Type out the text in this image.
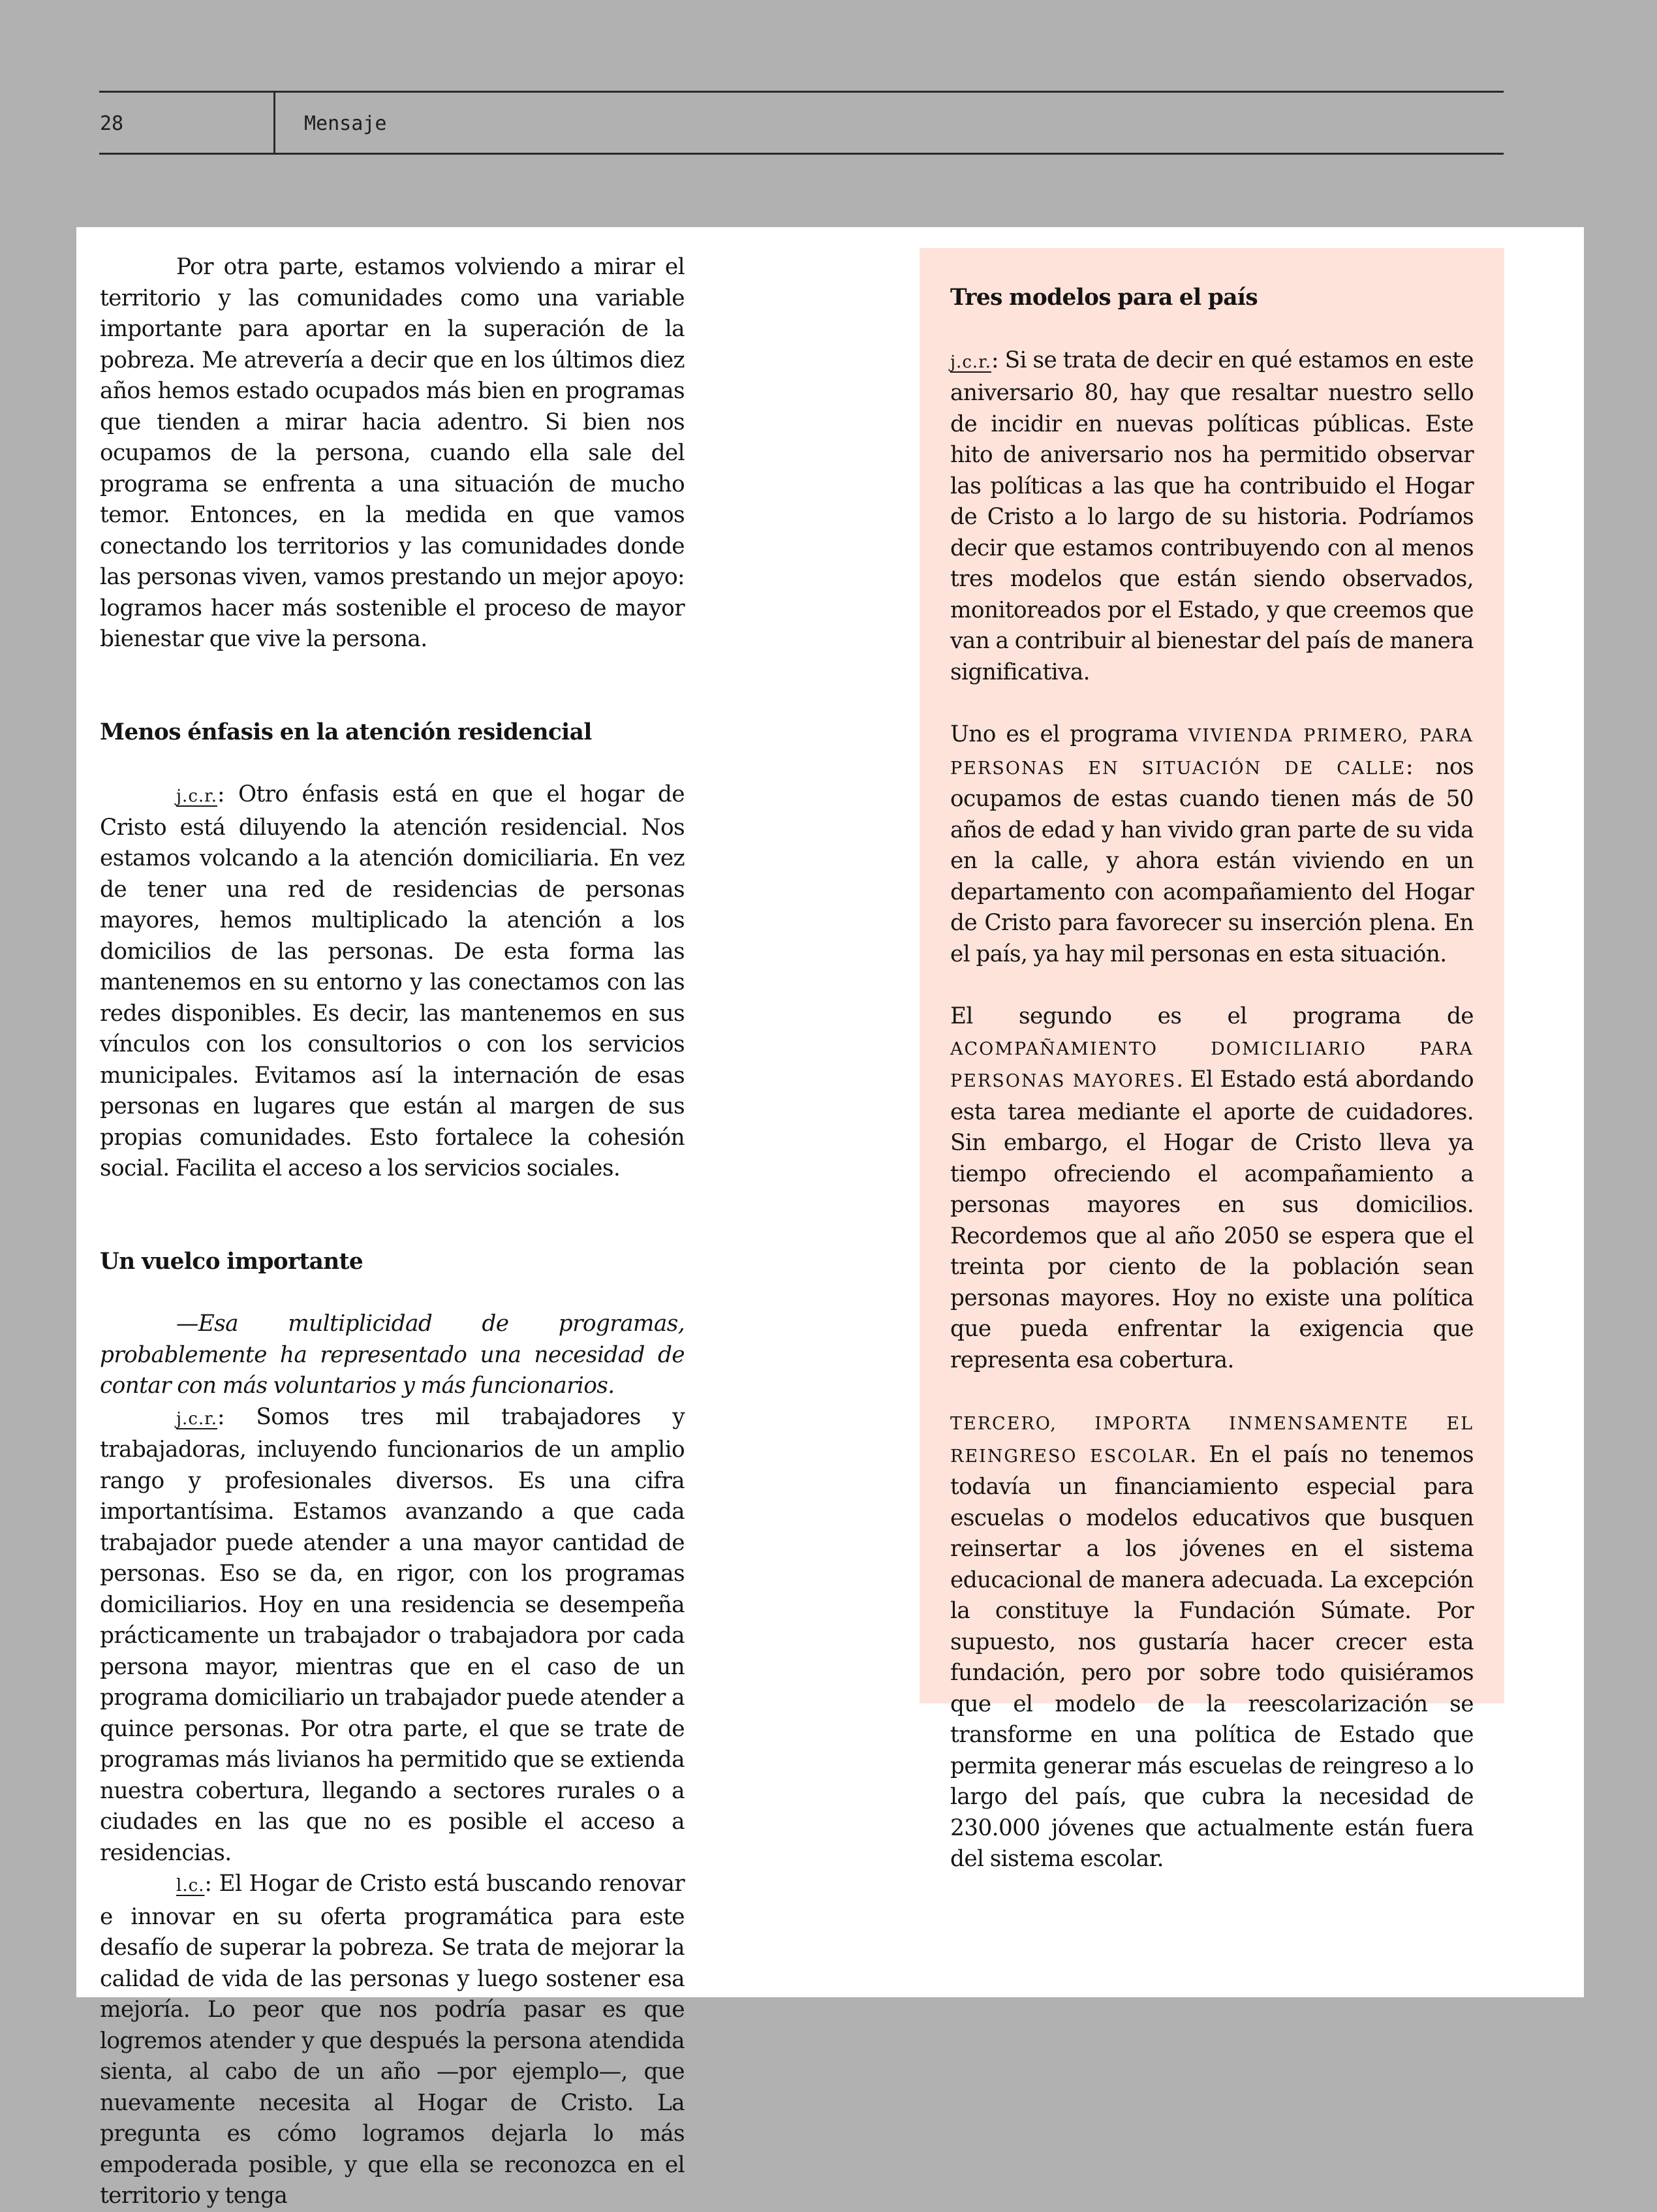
28	Mensaje

Por otra parte, estamos volviendo a mirar el territorio y las comunidades como una variable importante para aportar en la superación de la pobreza. Me atrevería a decir que en los últimos diez años hemos estado ocupados más bien en programas que tienden a mirar hacia adentro. Si bien nos ocupamos de la persona, cuando ella sale del programa se enfrenta a una situación de mucho temor. Entonces, en la medida en que vamos conectando los territorios y las comunidades donde las personas viven, vamos prestando un mejor apoyo: logramos hacer más sostenible el proceso de mayor bienestar que vive la persona.

Menos énfasis en la atención residencial

j.c.r.: Otro énfasis está en que el hogar de Cristo está diluyendo la atención residencial. Nos estamos volcando a la atención domiciliaria. En vez de tener una red de residencias de personas mayores, hemos multiplicado la atención a los domicilios de las personas. De esta forma las mantenemos en su entorno y las conectamos con las redes disponibles. Es decir, las mantenemos en sus vínculos con los consultorios o con los servicios municipales. Evitamos así la internación de esas personas en lugares que están al margen de sus propias comunidades. Esto fortalece la cohesión social. Facilita el acceso a los servicios sociales.

Un vuelco importante

—Esa multiplicidad de programas, probablemente ha representado una necesidad de contar con más voluntarios y más funcionarios.

j.c.r.: Somos tres mil trabajadores y trabajadoras, incluyendo funcionarios de un amplio rango y profesionales diversos. Es una cifra importantísima. Estamos avanzando a que cada trabajador puede atender a una mayor cantidad de personas. Eso se da, en rigor, con los programas domiciliarios. Hoy en una residencia se desempeña prácticamente un trabajador o trabajadora por cada persona mayor, mientras que en el caso de un programa domiciliario un trabajador puede atender a quince personas. Por otra parte, el que se trate de programas más livianos ha permitido que se extienda nuestra cobertura, llegando a sectores rurales o a ciudades en las que no es posible el acceso a residencias.

l.c.: El Hogar de Cristo está buscando renovar e innovar en su oferta programática para este desafío de superar la pobreza. Se trata de mejorar la calidad de vida de las personas y luego sostener esa mejoría. Lo peor que nos podría pasar es que logremos atender y que después la persona atendida sienta, al cabo de un año —por ejemplo—, que nuevamente necesita al Hogar de Cristo. La pregunta es cómo logramos dejarla lo más empoderada posible, y que ella se reconozca en el territorio y tenga

Tres modelos para el país

j.c.r.: Si se trata de decir en qué estamos en este aniversario 80, hay que resaltar nuestro sello de incidir en nuevas políticas públicas. Este hito de aniversario nos ha permitido observar las políticas a las que ha contribuido el Hogar de Cristo a lo largo de su historia. Podríamos decir que estamos contribuyendo con al menos tres modelos que están siendo observados, monitoreados por el Estado, y que creemos que van a contribuir al bienestar del país de manera significativa.

Uno es el programa VIVIENDA PRIMERO, PARA PERSONAS EN SITUACIÓN DE CALLE: nos ocupamos de estas cuando tienen más de 50 años de edad y han vivido gran parte de su vida en la calle, y ahora están viviendo en un departamento con acompañamiento del Hogar de Cristo para favorecer su inserción plena. En el país, ya hay mil personas en esta situación.

El segundo es el programa de ACOMPAÑAMIENTO DOMICILIARIO PARA PERSONAS MAYORES. El Estado está abordando esta tarea mediante el aporte de cuidadores. Sin embargo, el Hogar de Cristo lleva ya tiempo ofreciendo el acompañamiento a personas mayores en sus domicilios. Recordemos que al año 2050 se espera que el treinta por ciento de la población sean personas mayores. Hoy no existe una política que pueda enfrentar la exigencia que representa esa cobertura.

TERCERO, IMPORTA INMENSAMENTE EL REINGRESO ESCOLAR. En el país no tenemos todavía un financiamiento especial para escuelas o modelos educativos que busquen reinsertar a los jóvenes en el sistema educacional de manera adecuada. La excepción la constituye la Fundación Súmate. Por supuesto, nos gustaría hacer crecer esta fundación, pero por sobre todo quisiéramos que el modelo de la reescolarización se transforme en una política de Estado que permita generar más escuelas de reingreso a lo largo del país, que cubra la necesidad de 230.000 jóvenes que actualmente están fuera del sistema escolar.
